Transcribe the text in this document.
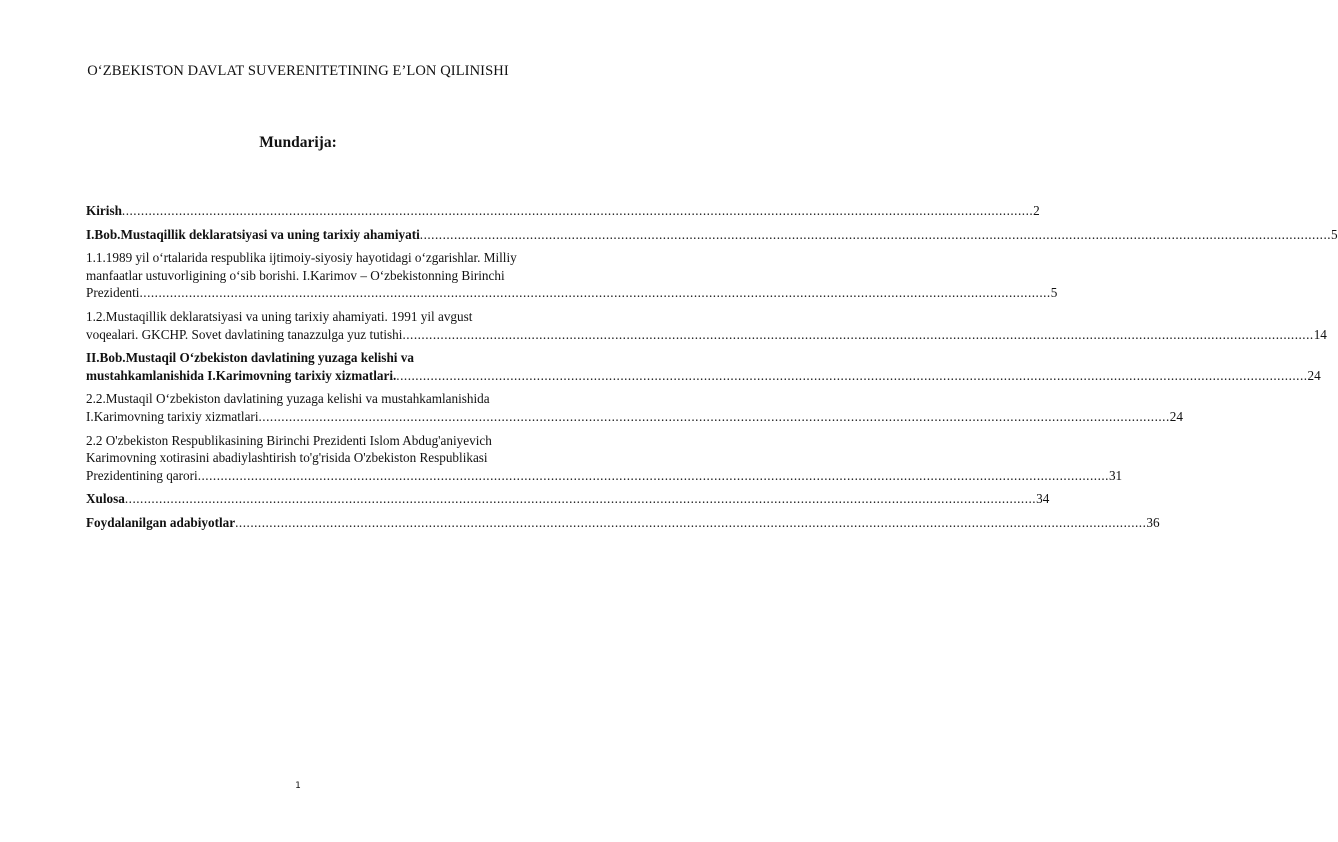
O‘ZBEKISTON DAVLAT SUVERENITETINING E’LON QILINISHI
Mundarija:
Kirish ................................................................................................................................................................................................................................................ 2
I.Bob.Mustaqillik deklaratsiyasi va uning tarixiy ahamiyati ................................................................................................................................................................................................................................................ 5
1.1.1989 yil o‘rtalarida respublika ijtimoiy-siyosiy hayotidagi o‘zgarishlar. Milliy
manfaatlar ustuvorligining o‘sib borishi. I.Karimov – O‘zbekistonning Birinchi
Prezidenti ................................................................................................................................................................................................................................................ 5
1.2.Mustaqillik deklaratsiyasi va uning tarixiy ahamiyati. 1991 yil avgust
voqealari. GKCHP. Sovet davlatining tanazzulga yuz tutishi ................................................................................................................................................................................................................................................ 14
II.Bob.Mustaqil O‘zbekiston davlatining yuzaga kelishi va
mustahkamlanishida I.Karimovning tarixiy xizmatlari. ................................................................................................................................................................................................................................................ 24
2.2.Mustaqil O‘zbekiston davlatining yuzaga kelishi va mustahkamlanishida
I.Karimovning tarixiy xizmatlari ................................................................................................................................................................................................................................................ 24
2.2 O'zbekiston Respublikasining Birinchi Prezidenti Islom Abdug'aniyevich
Karimovning xotirasini abadiylashtirish to'g'risida O'zbekiston Respublikasi
Prezidentining qarori ................................................................................................................................................................................................................................................ 31
Xulosa ................................................................................................................................................................................................................................................ 34
Foydalanilgan adabiyotlar ................................................................................................................................................................................................................................................ 36
1
